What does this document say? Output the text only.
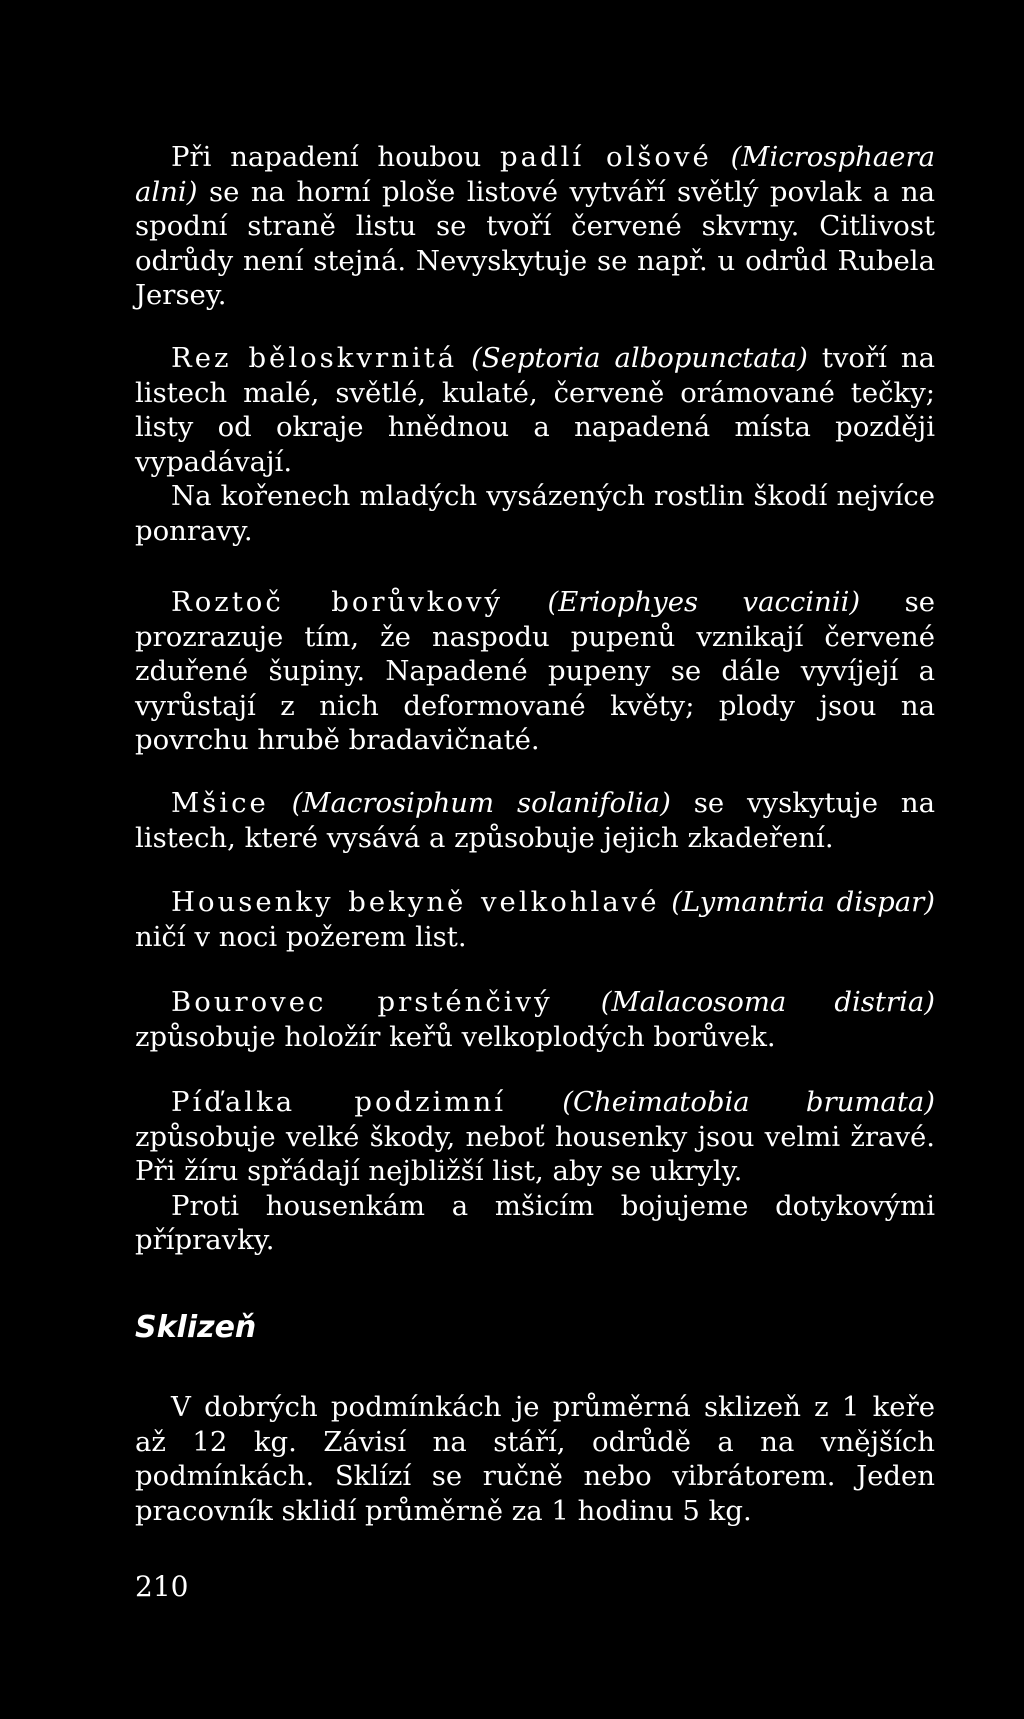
Při napadení houbou padlí olšové (Microsphaera alni) se na horní ploše listové vytváří světlý povlak a na spodní straně listu se tvoří červené skvrny. Citlivost odrůdy není stejná. Nevyskytuje se např. u odrůd Rubela Jersey.
Rez běloskvrnitá (Septoria albopunctata) tvoří na listech malé, světlé, kulaté, červeně orámované tečky; listy od okraje hnědnou a napadená místa později vypadávají.
Na kořenech mladých vysázených rostlin škodí nejvíce ponravy.
Roztoč borůvkový (Eriophyes vaccinii) se prozrazuje tím, že naspodu pupenů vznikají červené zduřené šupiny. Napadené pupeny se dále vyvíjejí a vyrůstají z nich deformované květy; plody jsou na povrchu hrubě bradavičnaté.
Mšice (Macrosiphum solanifolia) se vyskytuje na listech, které vysává a způsobuje jejich zkadeření.
Housenky bekyně velkohlavé (Lymantria dispar) ničí v noci požerem list.
Bourovec prsténčivý (Malacosoma distria) způsobuje holožír keřů velkoplodých borůvek.
Píďalka podzimní (Cheimatobia brumata) způsobuje velké škody, neboť housenky jsou velmi žravé. Při žíru spřádají nejbližší list, aby se ukryly.
Proti housenkám a mšicím bojujeme dotykovými přípravky.
Sklizeň
V dobrých podmínkách je průměrná sklizeň z 1 keře až 12 kg. Závisí na stáří, odrůdě a na vnějších podmínkách. Sklízí se ručně nebo vibrátorem. Jeden pracovník sklidí průměrně za 1 hodinu 5 kg.
210
